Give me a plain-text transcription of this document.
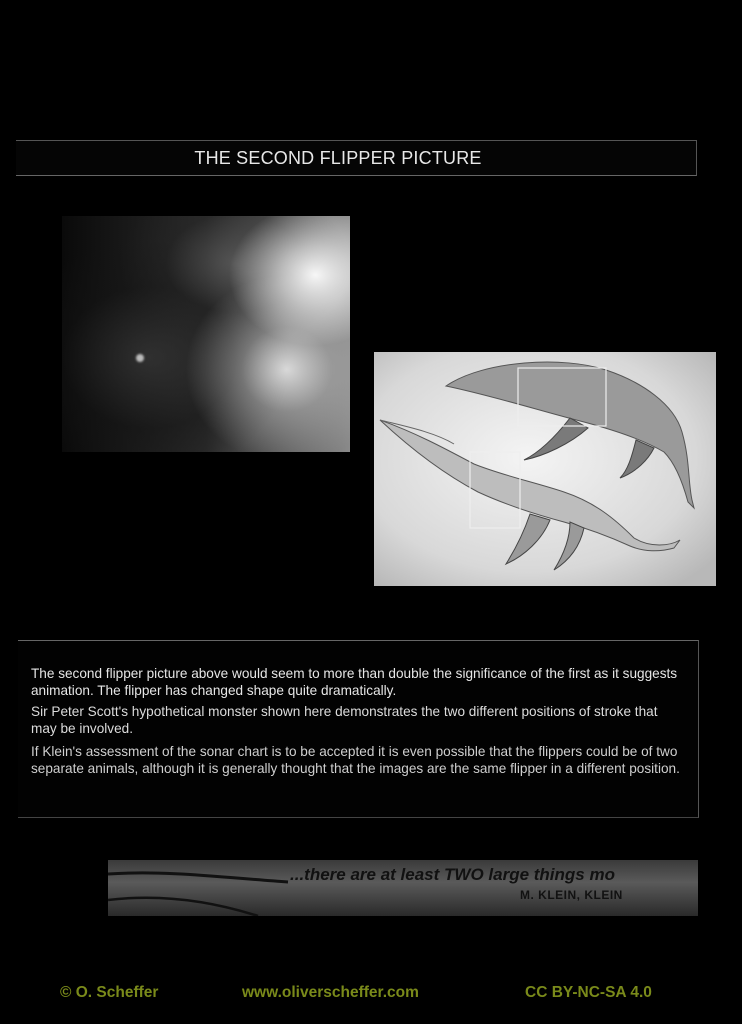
THE SECOND FLIPPER PICTURE

The second flipper picture above would seem to more than double the significance of the first as it suggests animation. The flipper has changed shape quite dramatically.

Sir Peter Scott's hypothetical monster shown here demonstrates the two different positions of stroke that may be involved.

If Klein's assessment of the sonar chart is to be accepted it is even possible that the flippers could be of two separate animals, although it is generally thought that the images are the same flipper in a different position.

...there are at least TWO large things mo
M. KLEIN, KLEIN
© O. Scheffer	www.oliverscheffer.com	CC BY-NC-SA 4.0
